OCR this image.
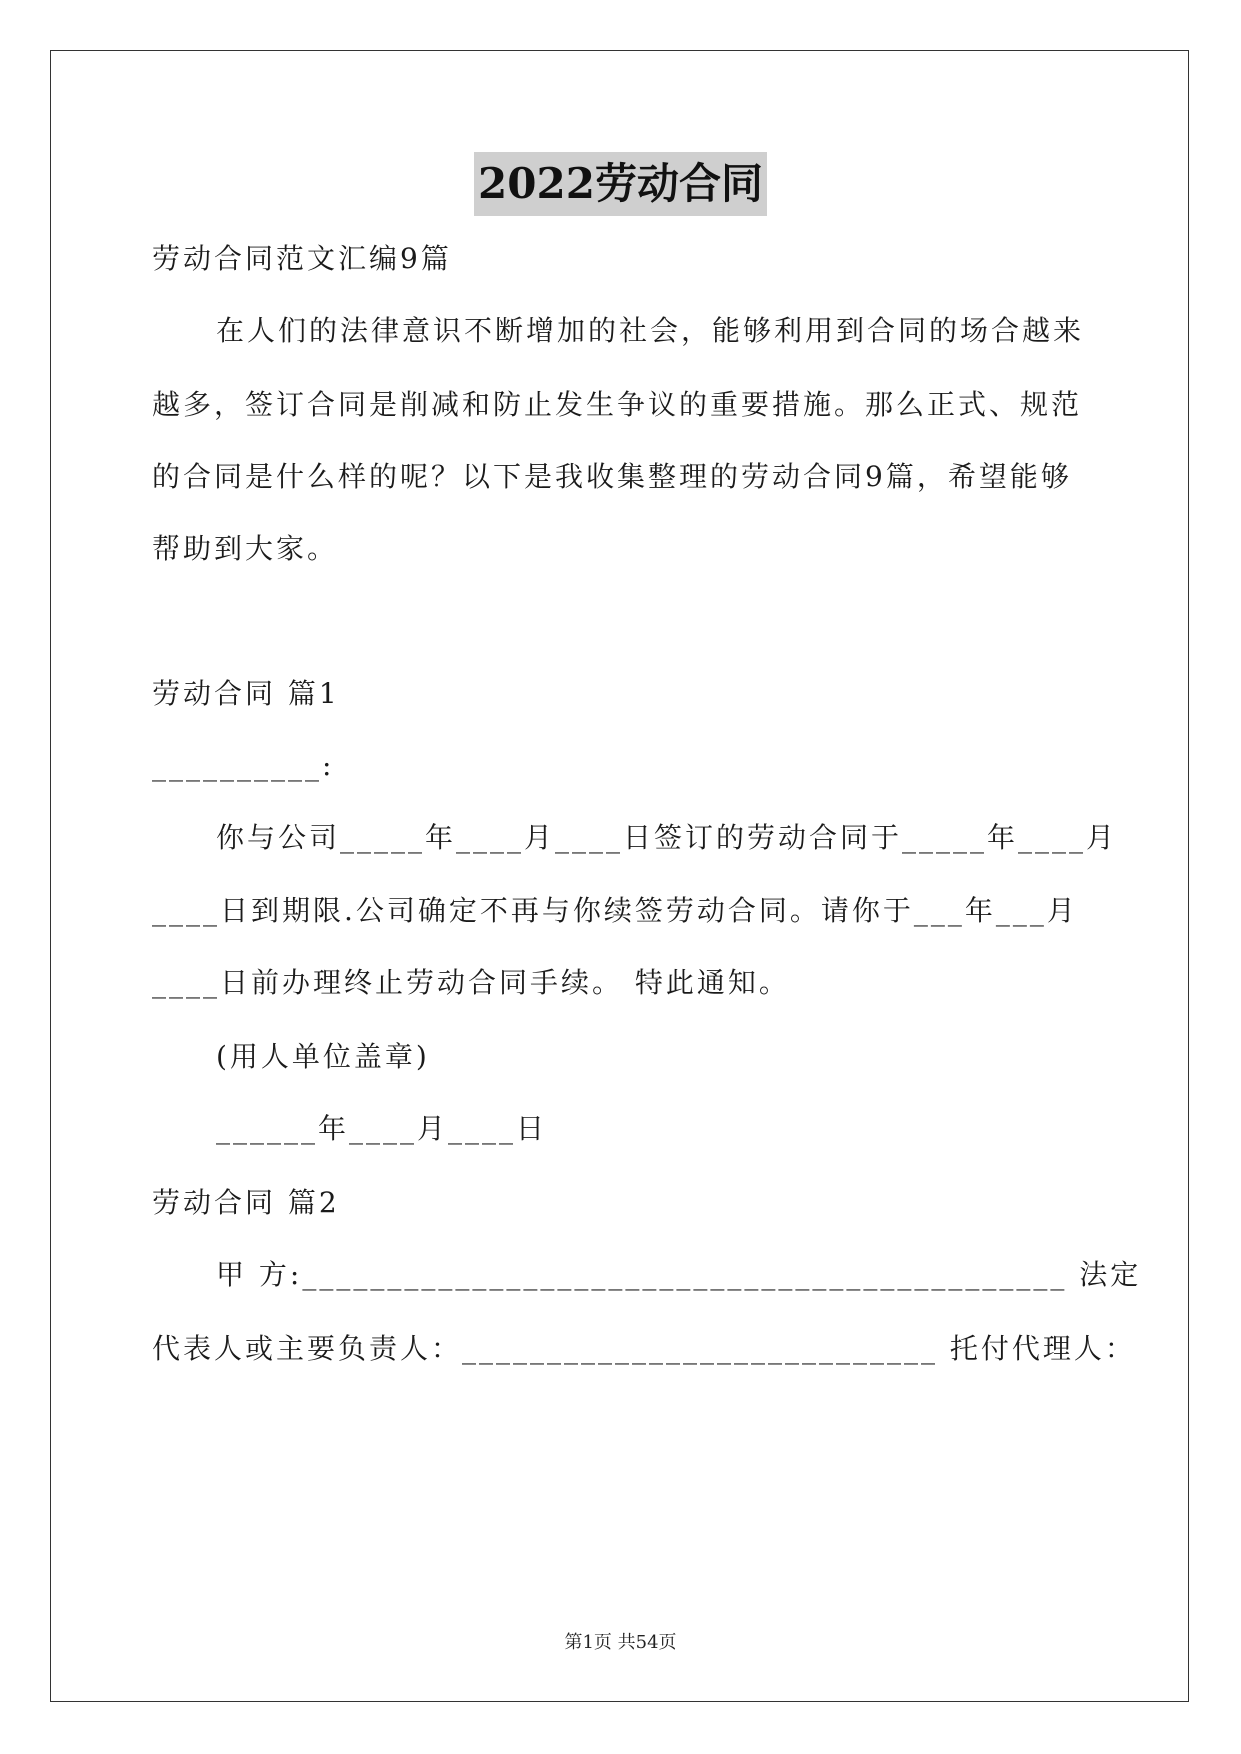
2022劳动合同
劳动合同范文汇编9篇
在人们的法律意识不断增加的社会，能够利用到合同的场合越来
越多，签订合同是削减和防止发生争议的重要措施。那么正式、规范
的合同是什么样的呢？以下是我收集整理的劳动合同9篇，希望能够
帮助到大家。
劳动合同 篇1
__________:
你与公司_____年____月____日签订的劳动合同于_____年____月
____日到期限.公司确定不再与你续签劳动合同。请你于___年___月
____日前办理终止劳动合同手续。 特此通知。
(用人单位盖章)
______年____月____日
劳动合同 篇2
甲 方:_____________________________________________ 法定
代表人或主要负责人：____________________________ 托付代理人：
第1页 共54页
